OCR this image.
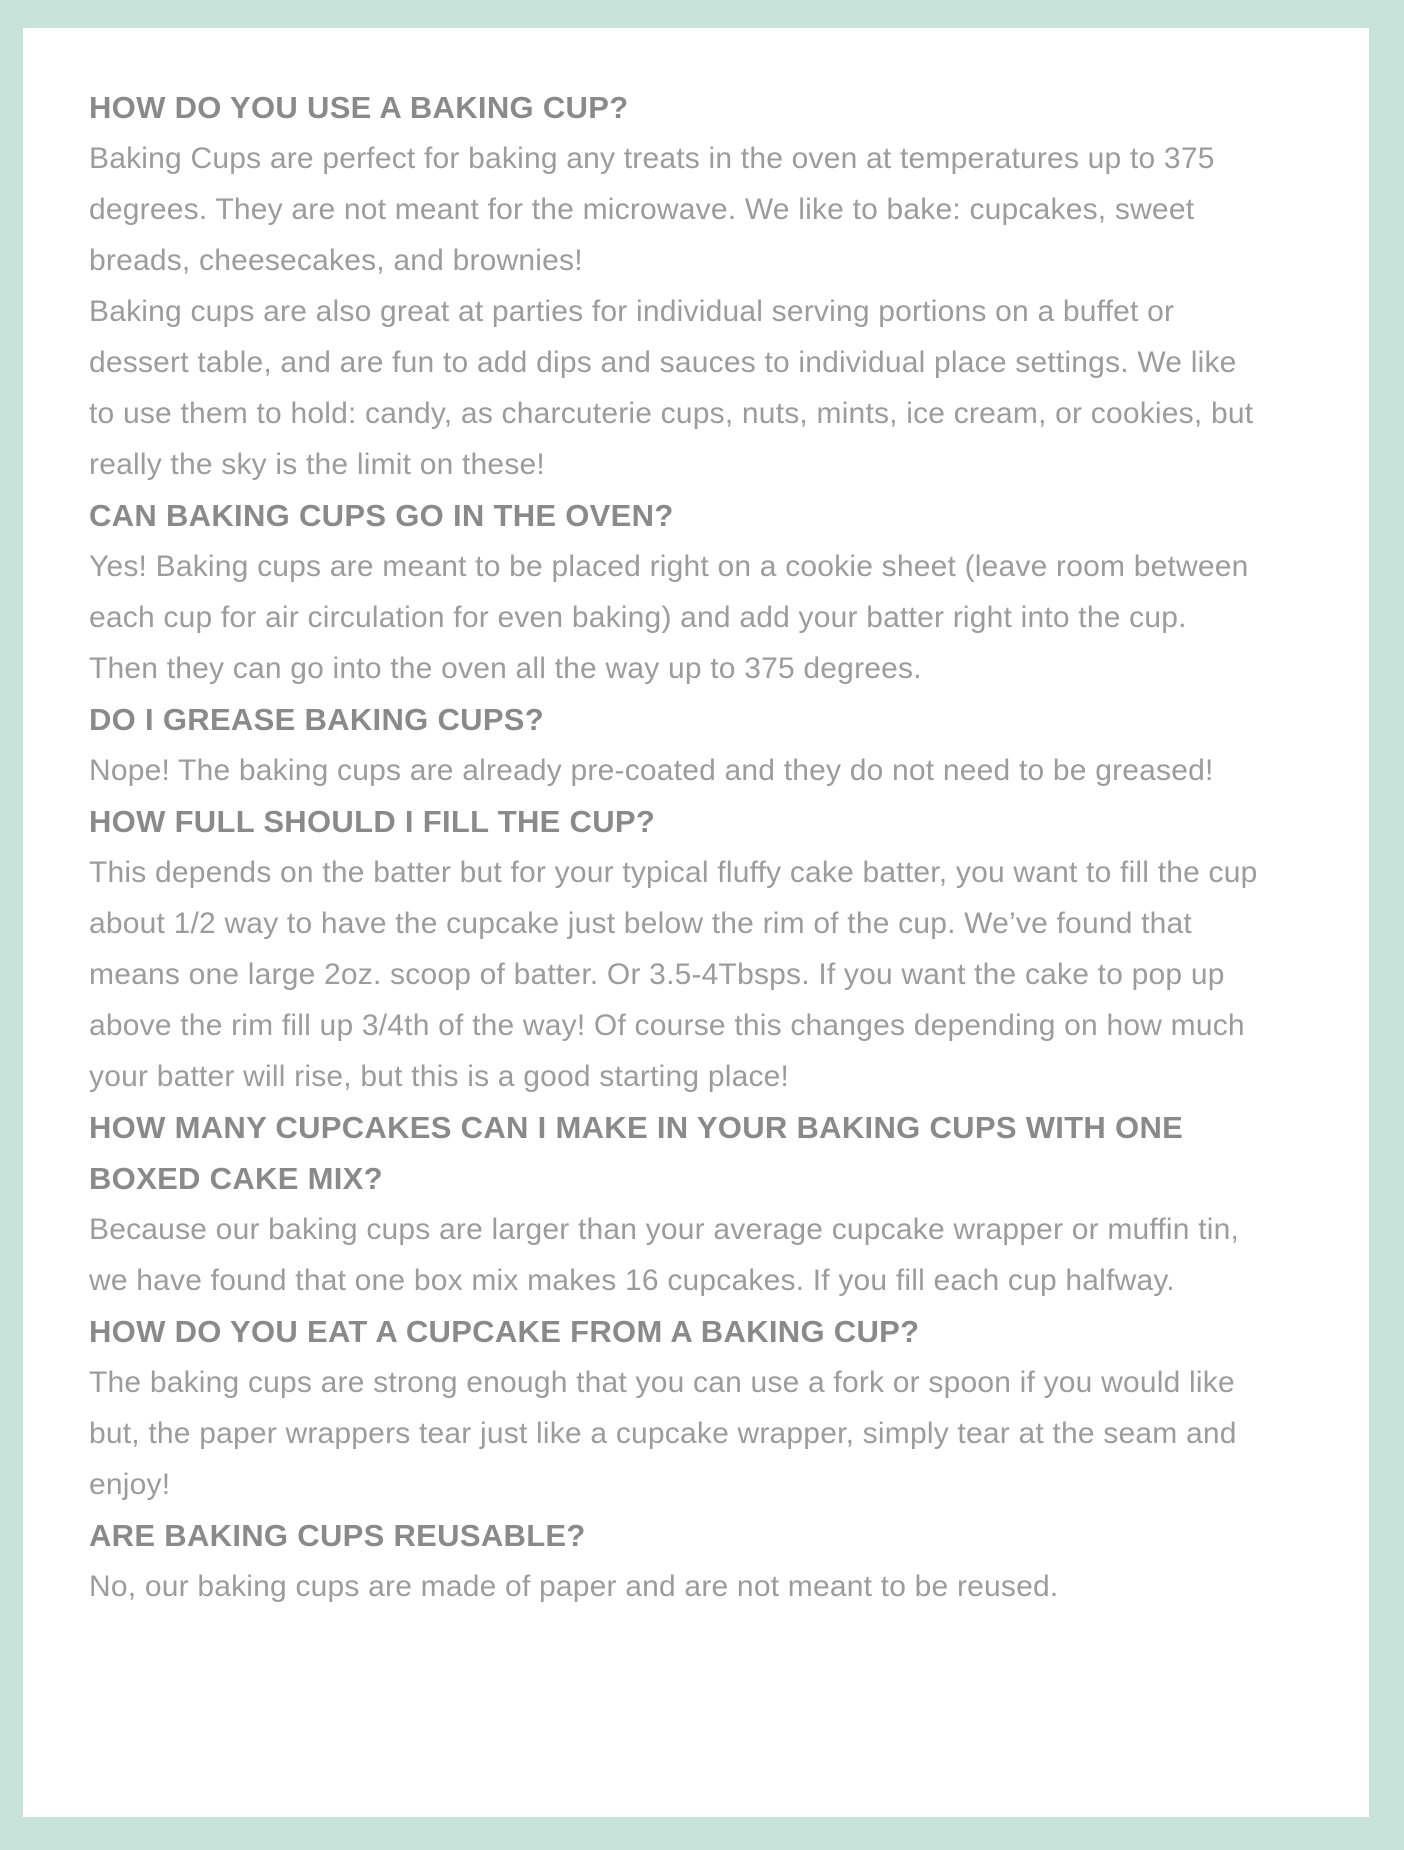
HOW DO YOU USE A BAKING CUP?
Baking Cups are perfect for baking any treats in the oven at temperatures up to 375 degrees. They are not meant for the microwave. We like to bake: cupcakes, sweet breads, cheesecakes, and brownies!
Baking cups are also great at parties for individual serving portions on a buffet or dessert table, and are fun to add dips and sauces to individual place settings. We like to use them to hold: candy, as charcuterie cups, nuts, mints, ice cream, or cookies, but really the sky is the limit on these!
CAN BAKING CUPS GO IN THE OVEN?
Yes! Baking cups are meant to be placed right on a cookie sheet (leave room between each cup for air circulation for even baking) and add your batter right into the cup. Then they can go into the oven all the way up to 375 degrees.
DO I GREASE BAKING CUPS?
Nope! The baking cups are already pre-coated and they do not need to be greased!
HOW FULL SHOULD I FILL THE CUP?
This depends on the batter but for your typical fluffy cake batter, you want to fill the cup about 1/2 way to have the cupcake just below the rim of the cup. We’ve found that means one large 2oz. scoop of batter. Or 3.5-4Tbsps. If you want the cake to pop up above the rim fill up 3/4th of the way! Of course this changes depending on how much your batter will rise, but this is a good starting place!
HOW MANY CUPCAKES CAN I MAKE IN YOUR BAKING CUPS WITH ONE BOXED CAKE MIX?
Because our baking cups are larger than your average cupcake wrapper or muffin tin, we have found that one box mix makes 16 cupcakes. If you fill each cup halfway.
HOW DO YOU EAT A CUPCAKE FROM A BAKING CUP?
The baking cups are strong enough that you can use a fork or spoon if you would like but, the paper wrappers tear just like a cupcake wrapper, simply tear at the seam and enjoy!
ARE BAKING CUPS REUSABLE?
No, our baking cups are made of paper and are not meant to be reused.
